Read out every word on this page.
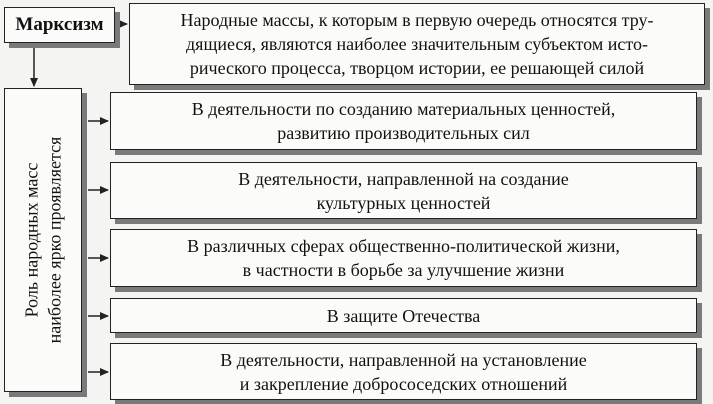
Марксизм	Народные массы, к которым в первую очередь относятся тру-
дящиеся, являются наиболее значительным субъектом исто-
рического процесса, творцом истории, ее решающей силой
Роль народных масс наиболее ярко проявляется
В деятельности по созданию материальных ценностей,
развитию производительных сил
В деятельности, направленной на создание
культурных ценностей
В различных сферах общественно-политической жизни,
в частности в борьбе за улучшение жизни
В защите Отечества
В деятельности, направленной на установление
и закрепление добрососедских отношений
